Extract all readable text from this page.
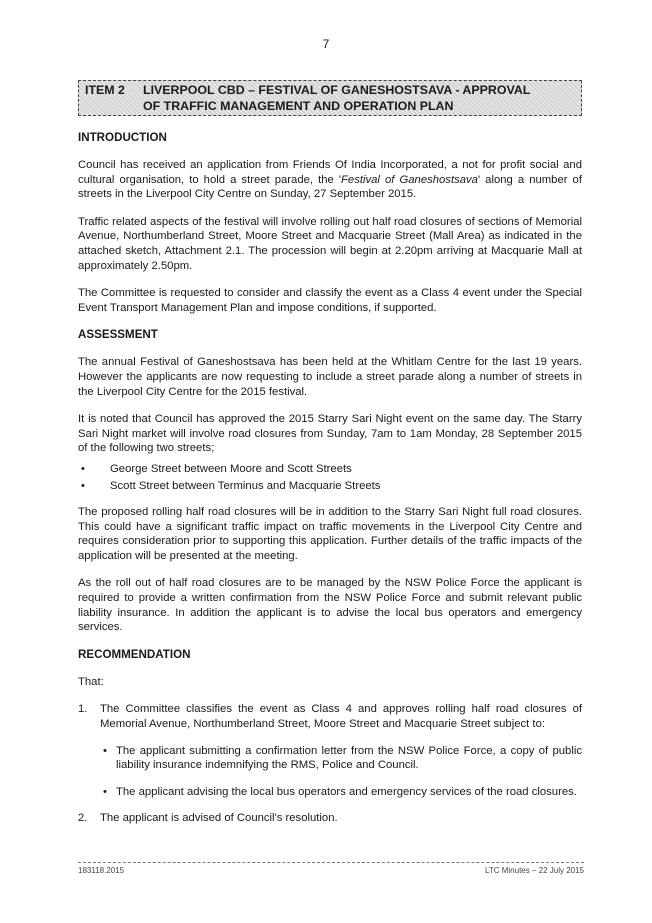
7
ITEM 2	LIVERPOOL CBD – FESTIVAL OF GANESHOSTSAVA - APPROVAL
OF TRAFFIC MANAGEMENT AND OPERATION PLAN
INTRODUCTION

Council has received an application from Friends Of India Incorporated, a not for profit social and cultural organisation, to hold a street parade, the 'Festival of Ganeshostsava' along a number of streets in the Liverpool City Centre on Sunday, 27 September 2015.

Traffic related aspects of the festival will involve rolling out half road closures of sections of Memorial Avenue, Northumberland Street, Moore Street and Macquarie Street (Mall Area) as indicated in the attached sketch, Attachment 2.1. The procession will begin at 2.20pm arriving at Macquarie Mall at approximately 2.50pm.

The Committee is requested to consider and classify the event as a Class 4 event under the Special Event Transport Management Plan and impose conditions, if supported.

ASSESSMENT

The annual Festival of Ganeshostsava has been held at the Whitlam Centre for the last 19 years. However the applicants are now requesting to include a street parade along a number of streets in the Liverpool City Centre for the 2015 festival.

It is noted that Council has approved the 2015 Starry Sari Night event on the same day. The Starry Sari Night market will involve road closures from Sunday, 7am to 1am Monday, 28 September 2015 of the following two streets;

• George Street between Moore and Scott Streets
• Scott Street between Terminus and Macquarie Streets

The proposed rolling half road closures will be in addition to the Starry Sari Night full road closures. This could have a significant traffic impact on traffic movements in the Liverpool City Centre and requires consideration prior to supporting this application. Further details of the traffic impacts of the application will be presented at the meeting.

As the roll out of half road closures are to be managed by the NSW Police Force the applicant is required to provide a written confirmation from the NSW Police Force and submit relevant public liability insurance. In addition the applicant is to advise the local bus operators and emergency services.

RECOMMENDATION

That:

1. The Committee classifies the event as Class 4 and approves rolling half road closures of Memorial Avenue, Northumberland Street, Moore Street and Macquarie Street subject to:
• The applicant submitting a confirmation letter from the NSW Police Force, a copy of public liability insurance indemnifying the RMS, Police and Council.
• The applicant advising the local bus operators and emergency services of the road closures.
2. The applicant is advised of Council's resolution.
183118.2015	LTC Minutes – 22 July 2015
